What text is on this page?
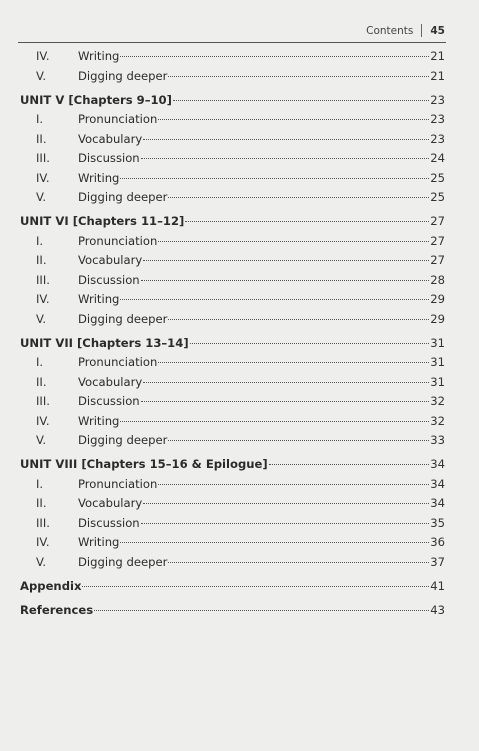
Contents 45
IV.	Writing	21
V.	Digging deeper	21
UNIT V [Chapters 9–10]	23
I.	Pronunciation	23
II.	Vocabulary	23
III.	Discussion	24
IV.	Writing	25
V.	Digging deeper	25
UNIT VI [Chapters 11–12]	27
I.	Pronunciation	27
II.	Vocabulary	27
III.	Discussion	28
IV.	Writing	29
V.	Digging deeper	29
UNIT VII [Chapters 13–14]	31
I.	Pronunciation	31
II.	Vocabulary	31
III.	Discussion	32
IV.	Writing	32
V.	Digging deeper	33
UNIT VIII [Chapters 15–16 & Epilogue]	34
I.	Pronunciation	34
II.	Vocabulary	34
III.	Discussion	35
IV.	Writing	36
V.	Digging deeper	37
Appendix	41
References	43
